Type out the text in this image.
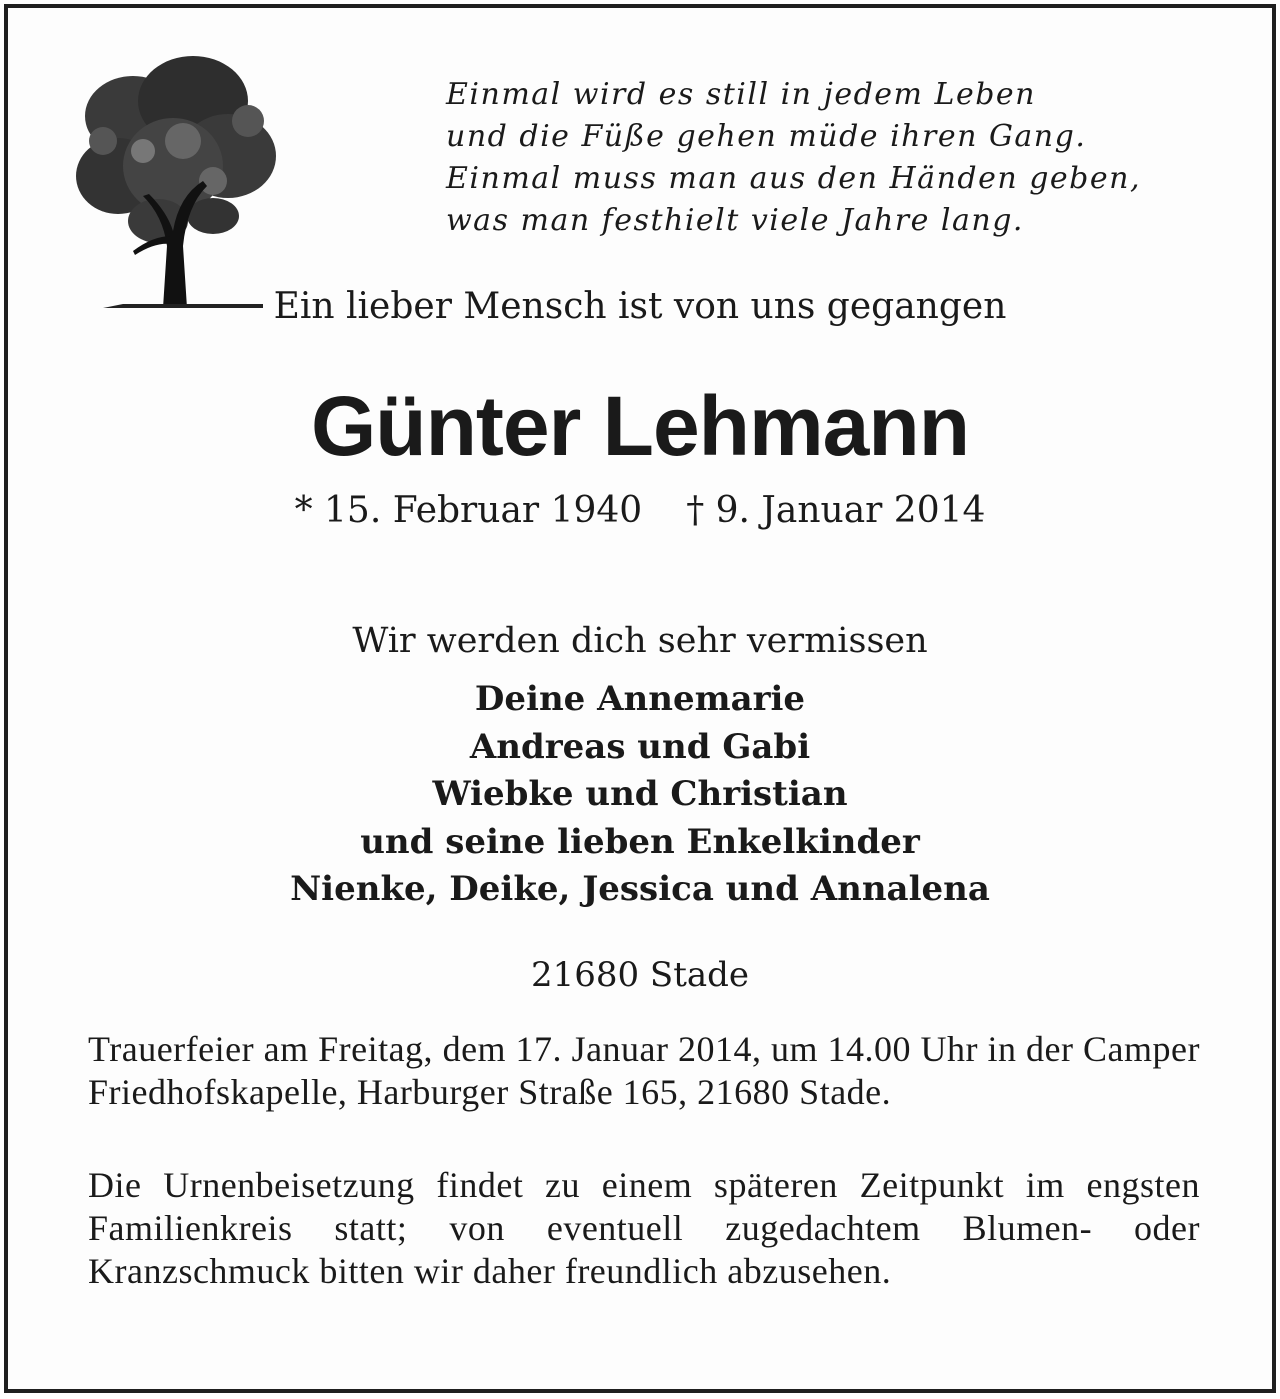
Einmal wird es still in jedem Leben
und die Füße gehen müde ihren Gang.
Einmal muss man aus den Händen geben,
was man festhielt viele Jahre lang.
Ein lieber Mensch ist von uns gegangen
Günter Lehmann
* 15. Februar 1940 † 9. Januar 2014
Wir werden dich sehr vermissen
Deine Annemarie
Andreas und Gabi
Wiebke und Christian
und seine lieben Enkelkinder
Nienke, Deike, Jessica und Annalena
21680 Stade
Trauerfeier am Freitag, dem 17. Januar 2014, um 14.00 Uhr in der Camper Friedhofskapelle, Harburger Straße 165, 21680 Stade.
Die Urnenbeisetzung findet zu einem späteren Zeitpunkt im engsten Familienkreis statt; von eventuell zugedachtem Blumen- oder Kranzschmuck bitten wir daher freundlich abzusehen.
